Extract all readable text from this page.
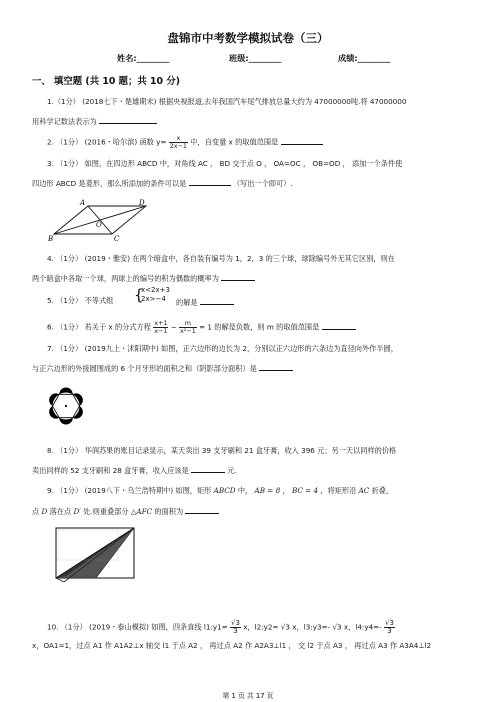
盘锦市中考数学模拟试卷（三）
姓名:________	班级:________	成绩:________
一、 填空题 (共 10 题；共 10 分)
1.（1分） (2018七下・楚雄期末) 根据央视报道,去年我国汽车尾气排放总量大约为 47000000吨.将 47000000
用科学记数法表示为
2. （1分） (2016・哈尔滨) 函数 $y= \frac{x}{2x-1}$ 中，自变量 x 的取值范围是
3. （1分） 如图，在四边形 ABCD 中，对角线 AC ， BD 交于点 O ， OA=OC ， OB=OD ， 添加一个条件使
四边形 ABCD 是菱形，那么所添加的条件可以是	（写出一个即可）.
A
B	C
D
O
4. （1分） (2019・雅安) 在两个暗盒中，各自装有编号为 1，2，3 的三个球，球除编号外无其它区别，则在
两个暗盒中各取一个球，两球上的编号的积为偶数的概率为
5. （1分） 不等式组 {
x<2x+3
2x>−4	的解是
6. （1分） 若关于 x 的分式方程 $\frac{x+1}{x-1} - \frac{m}{\text{x²−1}} = 1$ 的解是负数，则 m 的取值范围是
7. （1分） (2019九上・沭阳期中) 如图，正六边形的边长为 2，分别以正六边形的六条边为直径向外作半圆，
与正六边形的外接圆围成的 6 个月牙形的面积之和（阴影部分面积）是
8. （1分） 华润苏果的账目记录显示，某天卖出 39 支牙刷和 21 盒牙膏，收入 396 元；另一天以同样的价格
卖出同样的 52 支牙刷和 28 盒牙膏，收入应该是	元.
9. （1分） (2019八下・乌兰浩特期中) 如图，矩形 ABCD 中， AB = 8 ， BC = 4 ，将矩形沿 AC 折叠，
点 D 落在点 D′ 处.则重叠部分 △AFC 的面积为
10. （1分） (2019・泰山模拟) 如图，四条直线 l1:y1= $\frac{√3}{3}$ x，l2:y2= √3 x，l3:y3=- √3 x，l4:y4=- $\frac{√3}{3}$
x，OA1=1，过点 A1 作 A1A2⊥x 轴交 l1 于点 A2 ， 再过点 A2 作 A2A3⊥l1 ， 交 l2 于点 A3 ， 再过点 A3 作 A3A4⊥l2
第 1 页 共 17 页
